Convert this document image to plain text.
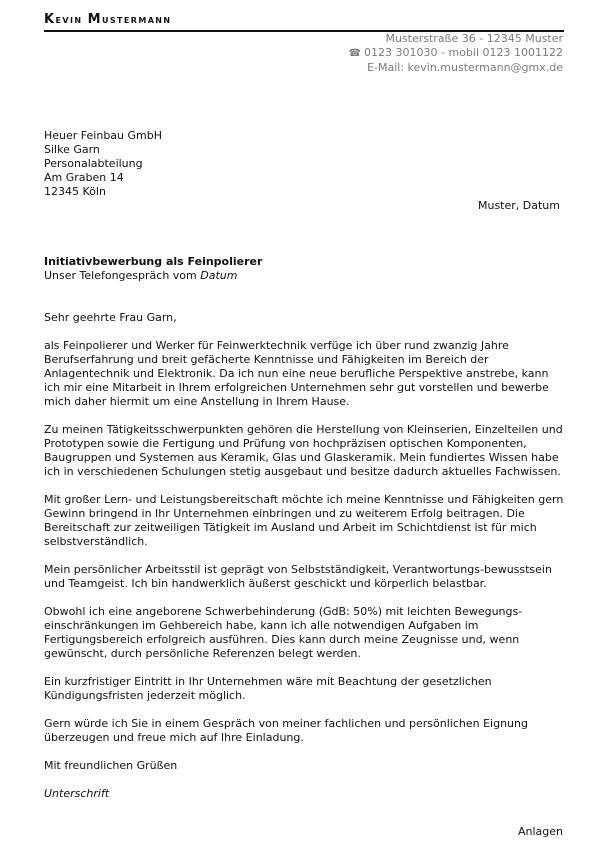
Kevin Mustermann
Musterstraße 36 - 12345 Muster
☎ 0123 301030 - mobil 0123 1001122
E-Mail: kevin.mustermann@gmx.de
Heuer Feinbau GmbH
Silke Garn
Personalabteilung
Am Graben 14
12345 Köln
Muster, Datum
Initiativbewerbung als Feinpolierer
Unser Telefongespräch vom Datum

Sehr geehrte Frau Garn,

als Feinpolierer und Werker für Feinwerktechnik verfüge ich über rund zwanzig Jahre Berufserfahrung und breit gefächerte Kenntnisse und Fähigkeiten im Bereich der Anlagentechnik und Elektronik. Da ich nun eine neue berufliche Perspektive anstrebe, kann ich mir eine Mitarbeit in Ihrem erfolgreichen Unternehmen sehr gut vorstellen und bewerbe mich daher hiermit um eine Anstellung in Ihrem Hause.

Zu meinen Tätigkeitsschwerpunkten gehören die Herstellung von Kleinserien, Einzelteilen und Prototypen sowie die Fertigung und Prüfung von hochpräzisen optischen Komponenten, Baugruppen und Systemen aus Keramik, Glas und Glaskeramik. Mein fundiertes Wissen habe ich in verschiedenen Schulungen stetig ausgebaut und besitze dadurch aktuelles Fachwissen.

Mit großer Lern- und Leistungsbereitschaft möchte ich meine Kenntnisse und Fähigkeiten gern Gewinn bringend in Ihr Unternehmen einbringen und zu weiterem Erfolg beitragen. Die Bereitschaft zur zeitweiligen Tätigkeit im Ausland und Arbeit im Schichtdienst ist für mich selbstverständlich.

Mein persönlicher Arbeitsstil ist geprägt von Selbstständigkeit, Verantwortungs-bewusstsein und Teamgeist. Ich bin handwerklich äußerst geschickt und körperlich belastbar.

Obwohl ich eine angeborene Schwerbehinderung (GdB: 50%) mit leichten Bewegungs-einschränkungen im Gehbereich habe, kann ich alle notwendigen Aufgaben im Fertigungsbereich erfolgreich ausführen. Dies kann durch meine Zeugnisse und, wenn gewünscht, durch persönliche Referenzen belegt werden.

Ein kurzfristiger Eintritt in Ihr Unternehmen wäre mit Beachtung der gesetzlichen Kündigungsfristen jederzeit möglich.

Gern würde ich Sie in einem Gespräch von meiner fachlichen und persönlichen Eignung überzeugen und freue mich auf Ihre Einladung.

Mit freundlichen Grüßen

Unterschrift

Anlagen
